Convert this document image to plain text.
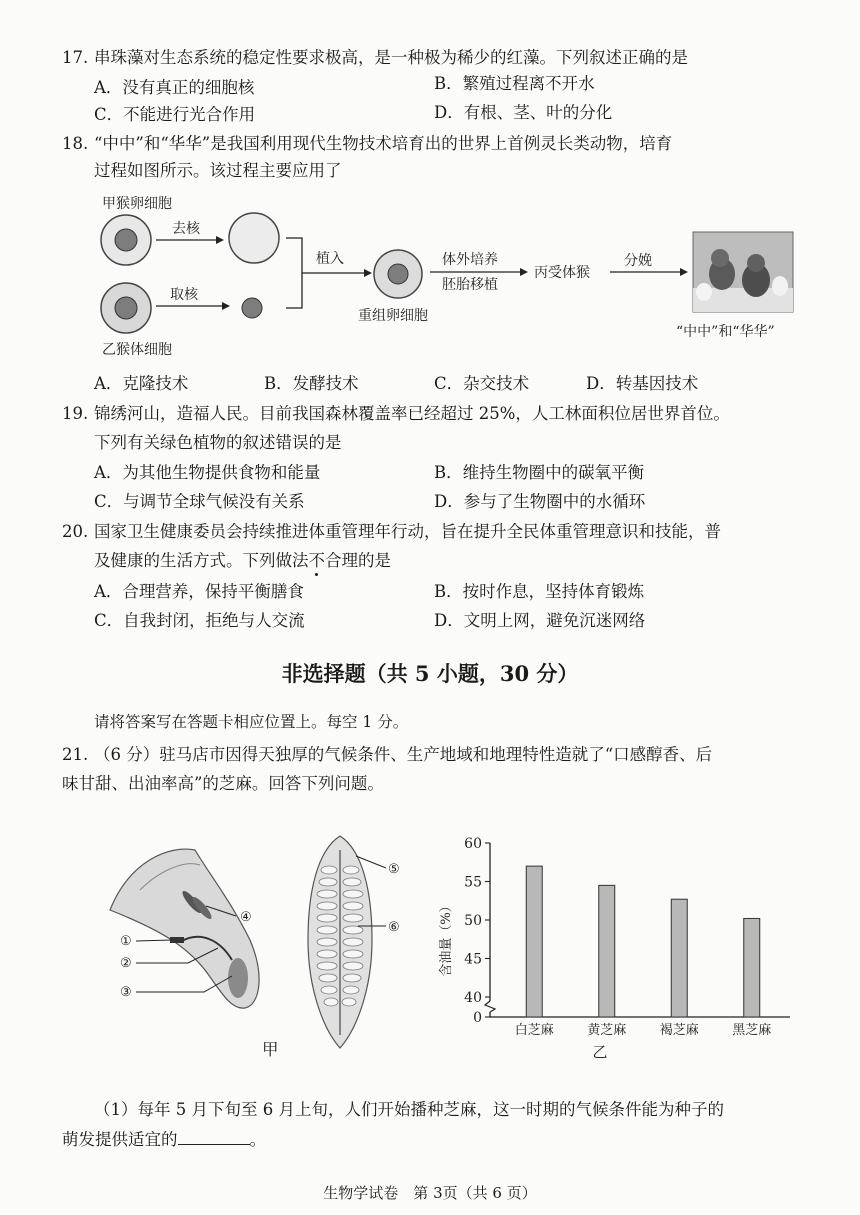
17. 串珠藻对生态系统的稳定性要求极高，是一种极为稀少的红藻。下列叙述正确的是
A．没有真正的细胞核	B．繁殖过程离不开水
C．不能进行光合作用	D．有根、茎、叶的分化
18. “中中”和“华华”是我国利用现代生物技术培育出的世界上首例灵长类动物，培育
过程如图所示。该过程主要应用了
甲猴卵细胞
去核
取核
乙猴体细胞
植入
重组卵细胞
体外培养
胚胎移植
丙受体猴
分娩
“中中”和“华华”
A．克隆技术	B．发酵技术	C．杂交技术	D．转基因技术
19. 锦绣河山，造福人民。目前我国森林覆盖率已经超过 25%，人工林面积位居世界首位。
下列有关绿色植物的叙述错误的是
A．为其他生物提供食物和能量	B．维持生物圈中的碳氧平衡
C．与调节全球气候没有关系	D．参与了生物圈中的水循环
20. 国家卫生健康委员会持续推进体重管理年行动，旨在提升全民体重管理意识和技能，普
及健康的生活方式。下列做法不合理的是
A．合理营养，保持平衡膳食	B．按时作息，坚持体育锻炼
C．自我封闭，拒绝与人交流	D．文明上网，避免沉迷网络
非选择题（共 5 小题，30 分）
请将答案写在答题卡相应位置上。每空 1 分。
21. （6 分）驻马店市因得天独厚的气候条件、生产地域和地理特性造就了“口感醇香、后
味甘甜、出油率高”的芝麻。回答下列问题。
④
①
②
③
⑤
⑥
甲
0
40
45
50
55
60
含油量（%）
白芝麻	黄芝麻	褐芝麻	黑芝麻
乙
（1）每年 5 月下旬至 6 月上旬，人们开始播种芝麻，这一时期的气候条件能为种子的
萌发提供适宜的	。
生物学试卷　第 3页（共 6 页）
